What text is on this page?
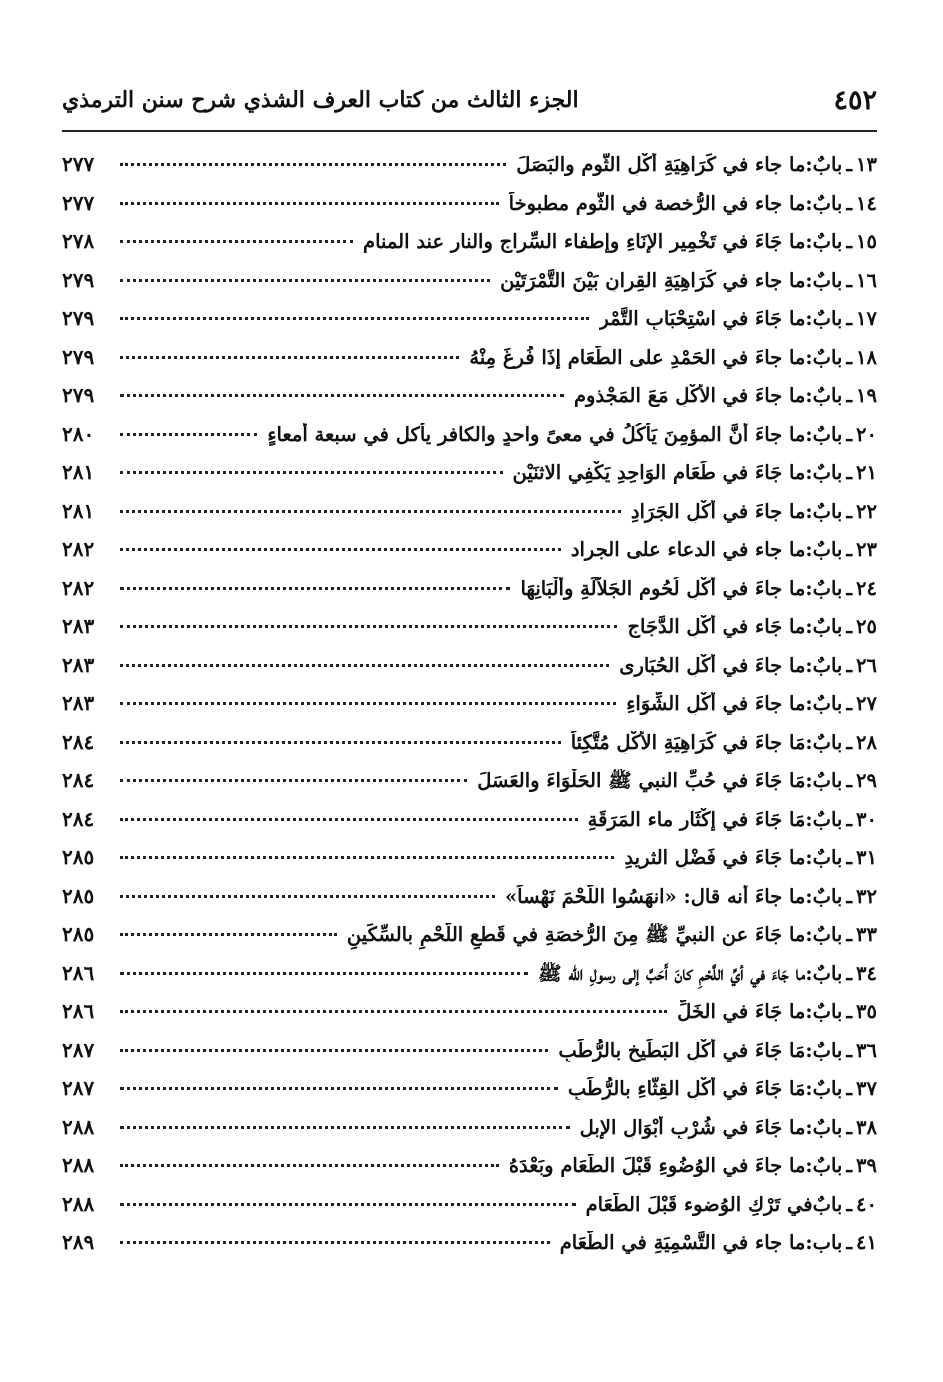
٤٥٢
الجزء الثالث من كتاب العرف الشذي شرح سنن الترمذي
١٣
ـ
بابٌ:
ما جاء في كَرَاهِيَةِ أَكْلِ الثُّوم والبَصَلَ
٢٧٧
١٤
ـ
بابٌ:
ما جاء في الرُّخصة في الثُّوم مطبوخاً
٢٧٧
١٥
ـ
بابٌ:
ما جَاءَ في تَخْمِيرِ الإِنَاءِ وإطفاء السِّراج والنار عند المنام
٢٧٨
١٦
ـ
بابٌ:
ما جاء في كَرَاهِيَةِ القِرانِ بَيْنَ التَّمْرَتَيْنِ
٢٧٩
١٧
ـ
بابٌ:
ما جَاءَ في اسْتِحْبَابِ التَّمْرِ
٢٧٩
١٨
ـ
بابٌ:
ما جاءَ في الحَمْدِ على الطَّعَامِ إِذَا فُرِغَ مِنْهُ
٢٧٩
١٩
ـ
بابٌ:
ما جاءَ في الأَكْلِ مَعَ المَجْذومِ
٢٧٩
٢٠
ـ
بابٌ:
ما جاءَ أنَّ المؤمِنَ يَأْكُلُ في معىً واحدٍ والكافر يأكل في سبعة أمعاءٍ
٢٨٠
٢١
ـ
بابٌ:
ما جَاءَ في طَعَامِ الوَاحِدِ يَكْفِي الاثنَيْنِ
٢٨١
٢٢
ـ
بابٌ:
ما جاءَ في أَكْلِ الجَرَادِ
٢٨١
٢٣
ـ
بابٌ:
ما جاء في الدعاء على الجراد
٢٨٢
٢٤
ـ
بابٌ:
ما جاءَ في أَكْلِ لُحُومِ الجَلاَّلَةِ وأَلْبَانِهَا
٢٨٢
٢٥
ـ
بابٌ:
ما جَاء في أَكْلِ الدَّجَاجِ
٢٨٣
٢٦
ـ
بابٌ:
ما جاءَ في أَكْلِ الحُبَارى
٢٨٣
٢٧
ـ
بابٌ:
ما جاءَ في أَكْلِ الشِّوَاءِ
٢٨٣
٢٨
ـ
بابٌ:
مَا جاءَ في كَرَاهِيَةِ الأَكْلِ مُتَّكِئاً
٢٨٤
٢٩
ـ
بابٌ:
مَا جَاءَ في حُبِّ النبي ﷺ الحَلْوَاءَ والعَسَلَ
٢٨٤
٣٠
ـ
بابٌ:
مَا جَاءَ في إِكْثَارِ ماء المَرَقَةِ
٢٨٤
٣١
ـ
بابٌ:
ما جَاءَ في فَضْلِ الثريدِ
٢٨٥
٣٢
ـ
بابٌ:
ما جاءَ أنه قال: «انهَسُوا اللَّحْمَ نَهْساً»
٢٨٥
٣٣
ـ
بابٌ:
ما جَاءَ عن النبيِّ ﷺ مِنَ الرُّخصَةِ في قَطعِ اللَّحْمِ بالسِّكِّينِ
٢٨٥
٣٤
ـ
بابٌ:
ما جَاءَ في أيِّ اللَّحْمِ كانَ أَحَبَّ إلى رسولِ الله ﷺ
٢٨٦
٣٥
ـ
بابٌ:
ما جَاءَ في الخَلِّ
٢٨٦
٣٦
ـ
بابٌ:
مَا جَاءَ في أَكْلِ البَطِّيخ بالرُّطَبِ
٢٨٧
٣٧
ـ
بابٌ:
مَا جَاءَ في أَكْلِ القِثَّاءِ بالرُّطَبِ
٢٨٧
٣٨
ـ
بابٌ:
ما جَاءَ في شُرْبِ أَبْوَالِ الإِبلِ
٢٨٨
٣٩
ـ
بابٌ:
ما جاءَ في الوُضُوءِ قَبْلَ الطَّعَامِ وبَعْدَهُ
٢٨٨
٤٠
ـ
بابٌ
في تَرْكِ الوُضوء قَبْلَ الطَّعَامِ
٢٨٨
٤١
ـ
باب:
ما جاء في التَّسْمِيَةِ في الطَّعَامِ
٢٨٩
